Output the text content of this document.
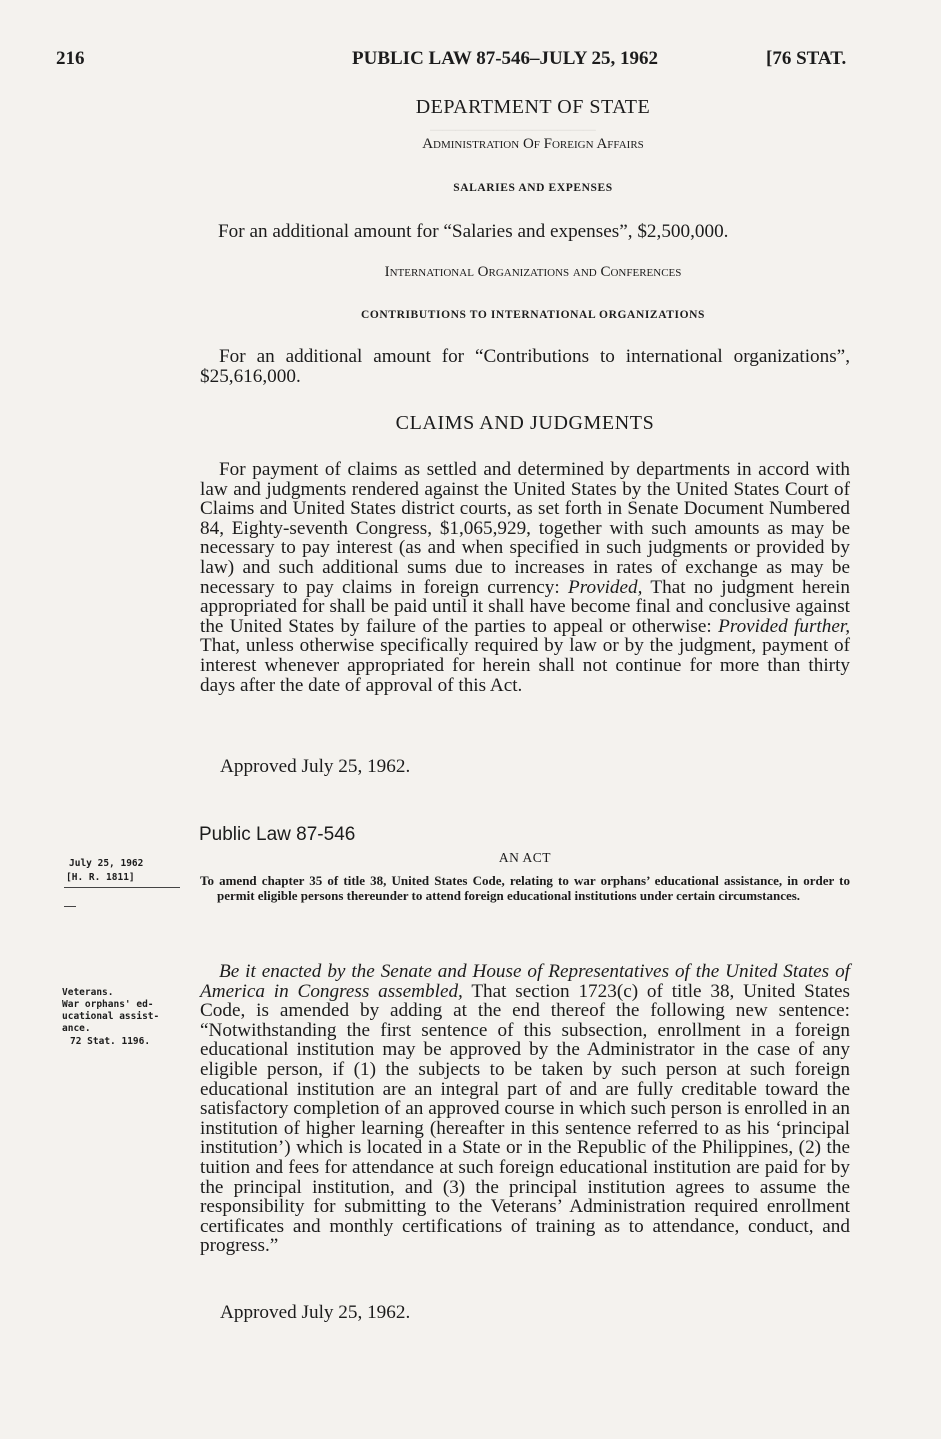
─────────────
216	PUBLIC LAW 87-546–JULY 25, 1962	[76 STAT.
DEPARTMENT OF STATE
Administration Of Foreign Affairs
SALARIES AND EXPENSES
For an additional amount for “Salaries and expenses”, $2,500,000.
International Organizations and Conferences
CONTRIBUTIONS TO INTERNATIONAL ORGANIZATIONS
For an additional amount for “Contributions to international organizations”, $25,616,000.
CLAIMS AND JUDGMENTS
For payment of claims as settled and determined by departments in accord with law and judgments rendered against the United States by the United States Court of Claims and United States district courts, as set forth in Senate Document Numbered 84, Eighty-seventh Congress, $1,065,929, together with such amounts as may be necessary to pay interest (as and when specified in such judgments or provided by law) and such additional sums due to increases in rates of exchange as may be necessary to pay claims in foreign currency: Provided, That no judgment herein appropriated for shall be paid until it shall have become final and conclusive against the United States by failure of the parties to appeal or otherwise: Provided further, That, unless otherwise specifically required by law or by the judgment, payment of interest whenever appropriated for herein shall not continue for more than thirty days after the date of approval of this Act.
Approved July 25, 1962.
Public Law 87-546
July 25, 1962
[H. R. 1811]
AN ACT
To amend chapter 35 of title 38, United States Code, relating to war orphans’ educational assistance, in order to permit eligible persons thereunder to attend foreign educational institutions under certain circumstances.
Veterans.
War orphans' ed-
ucational assist-
ance.
72 Stat. 1196.
Be it enacted by the Senate and House of Representatives of the United States of America in Congress assembled, That section 1723(c) of title 38, United States Code, is amended by adding at the end thereof the following new sentence: “Notwithstanding the first sentence of this subsection, enrollment in a foreign educational institution may be approved by the Administrator in the case of any eligible person, if (1) the subjects to be taken by such person at such foreign educational institution are an integral part of and are fully creditable toward the satisfactory completion of an approved course in which such person is enrolled in an institution of higher learning (hereafter in this sentence referred to as his ‘principal institution’) which is located in a State or in the Republic of the Philippines, (2) the tuition and fees for attendance at such foreign educational institution are paid for by the principal institution, and (3) the principal institution agrees to assume the responsibility for submitting to the Veterans’ Administration required enrollment certificates and monthly certifications of training as to attendance, conduct, and progress.”
Approved July 25, 1962.
